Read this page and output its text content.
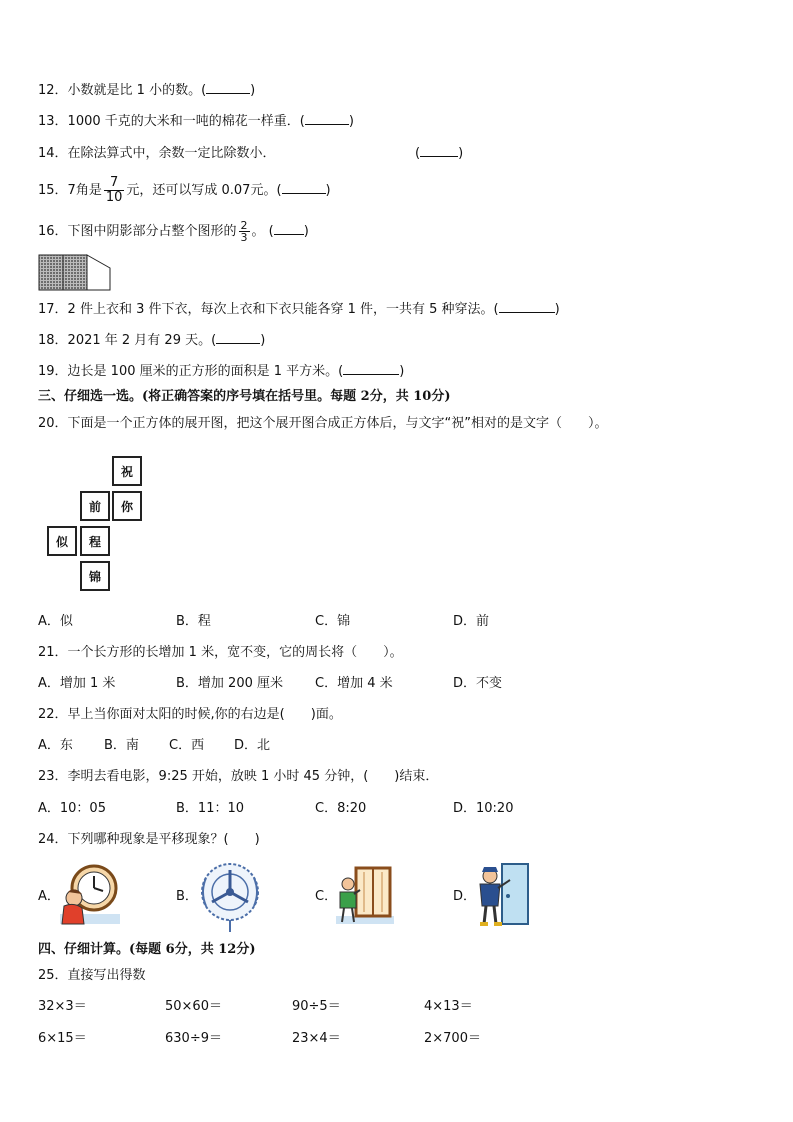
12．小数就是比 1 小的数。(	)
13．1000 千克的大米和一吨的棉花一样重．(	)
14．在除法算式中，余数一定比除数小．	(	)
15．7角是 $\frac{7}{10}$ 元，还可以写成 0.07元。(	)
16．下图中阴影部分占整个图形的 $\frac{2}{3}$ 。 ( )
17．2 件上衣和 3 件下衣，每次上衣和下衣只能各穿 1 件，一共有 5 种穿法。(	)
18．2021 年 2 月有 29 天。(	)
19．边长是 100 厘米的正方形的面积是 1 平方米。(	)
三、仔细选一选。(将正确答案的序号填在括号里。每题 2分，共 10分)
20．下面是一个正方体的展开图，把这个展开图合成正方体后，与文字“祝”相对的是文字（　　）。
祝
你
前
程
似
锦
A．似	B．程	C．锦	D．前
21．一个长方形的长增加 1 米，宽不变，它的周长将（　　）。
A．增加 1 米	B．增加 200 厘米 C．增加 4 米	D．不变
22．早上当你面对太阳的时候,你的右边是(　　)面。
A．东 B．南 C．西 D．北
23．李明去看电影，9:25 开始，放映 1 小时 45 分钟，(　　)结束．
A．10：05	B．11：10	C．8:20	D．10:20
24．下列哪种现象是平移现象？(　　)
A．	B．	C．	D．
四、仔细计算。(每题 6分，共 12分)
25．直接写出得数
32×3＝	50×60＝	90÷5＝	4×13＝
6×15＝	630÷9＝	23×4＝	2×700＝
